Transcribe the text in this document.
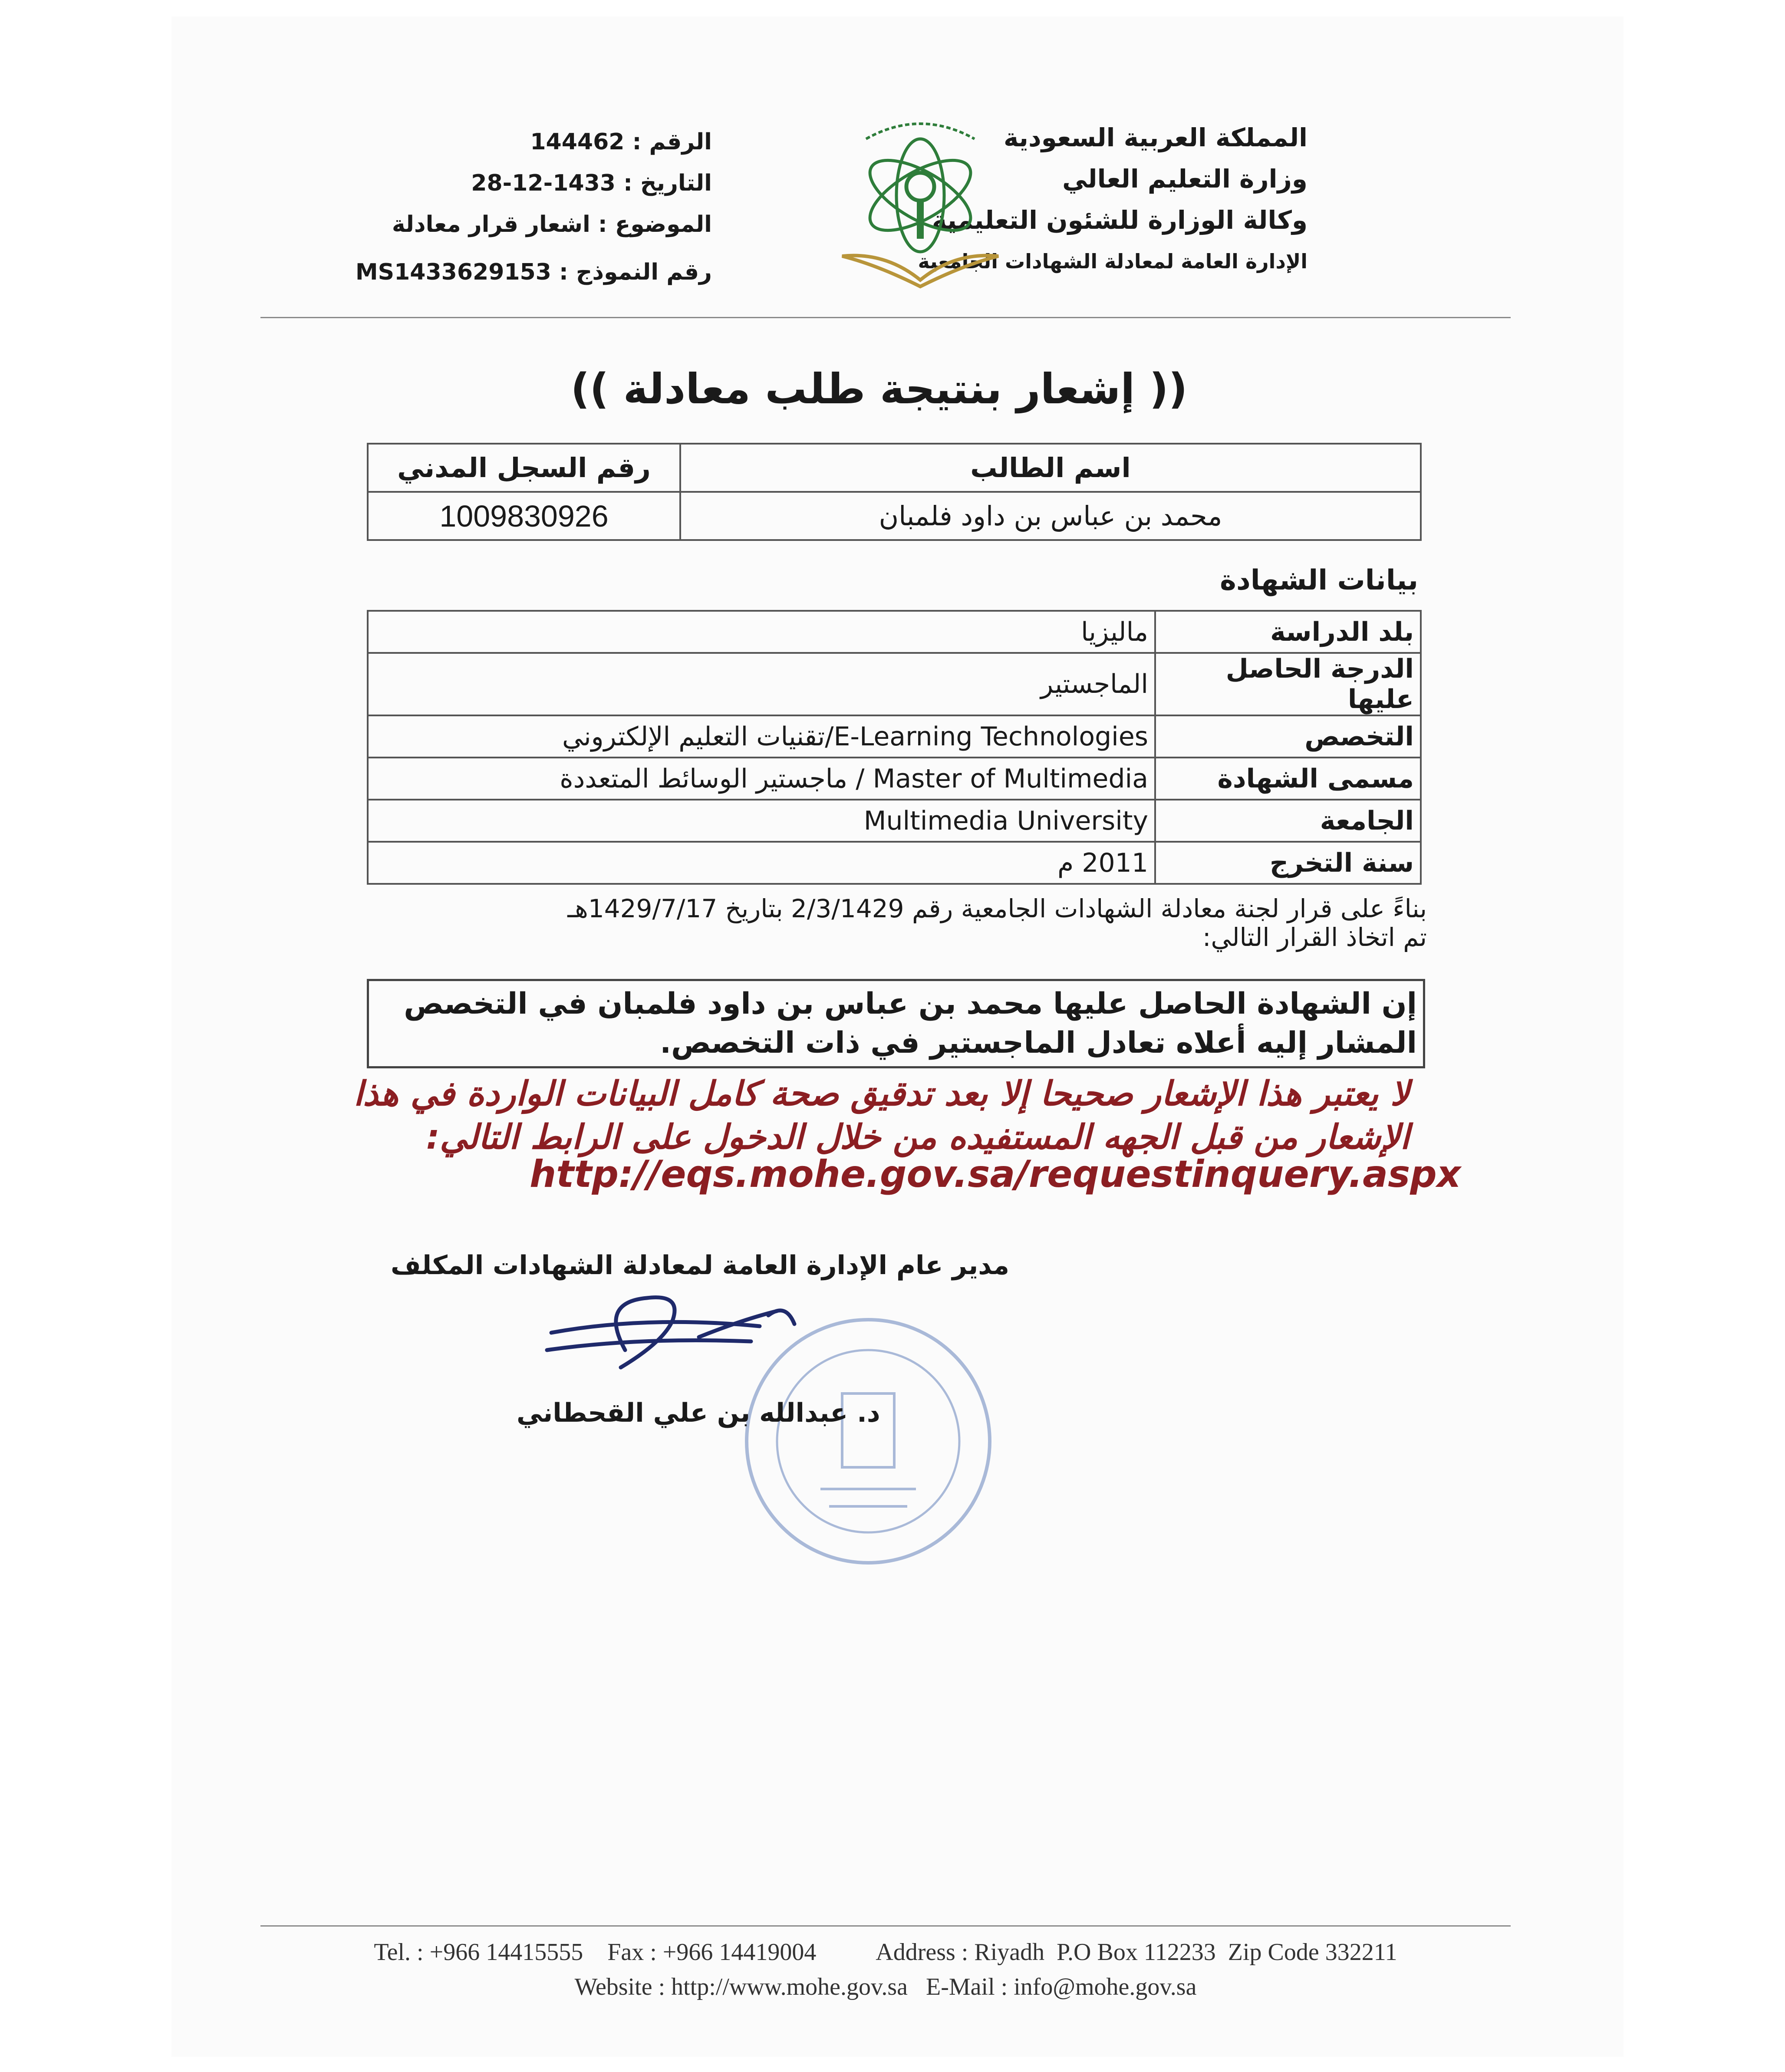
المملكة العربية السعودية
وزارة التعليم العالي
وكالة الوزارة للشئون التعليمية
الإدارة العامة لمعادلة الشهادات الجامعية
الرقم : 144462
التاريخ : 1433-12-28
الموضوع : اشعار قرار معادلة
رقم النموذج : MS1433629153
(( إشعار بنتيجة طلب معادلة ))
اسم الطالب	رقم السجل المدني
محمد بن عباس بن داود فلمبان	1009830926
بيانات الشهادة
بلد الدراسة	ماليزيا
الدرجة الحاصل عليها	الماجستير
التخصص	E-Learning Technologies/تقنيات التعليم الإلكتروني
مسمى الشهادة	Master of Multimedia / ماجستير الوسائط المتعددة
الجامعة	Multimedia University
سنة التخرج	2011 م
بناءً على قرار لجنة معادلة الشهادات الجامعية رقم 2/3/1429 بتاريخ 1429/7/17هـ
تم اتخاذ القرار التالي:
إن الشهادة الحاصل عليها محمد بن عباس بن داود فلمبان في التخصص المشار إليه أعلاه تعادل الماجستير في ذات التخصص.
لا يعتبر هذا الإشعار صحيحا إلا بعد تدقيق صحة كامل البيانات الواردة في هذا الإشعار من قبل الجهه المستفيده من خلال الدخول على الرابط التالي:
http://eqs.mohe.gov.sa/requestinquery.aspx
مدير عام الإدارة العامة لمعادلة الشهادات المكلف
د. عبدالله بن علي القحطاني
Tel. : +966 14415555    Fax : +966 14419004          Address : Riyadh  P.O Box 112233  Zip Code 332211
Website : http://www.mohe.gov.sa   E-Mail : info@mohe.gov.sa
